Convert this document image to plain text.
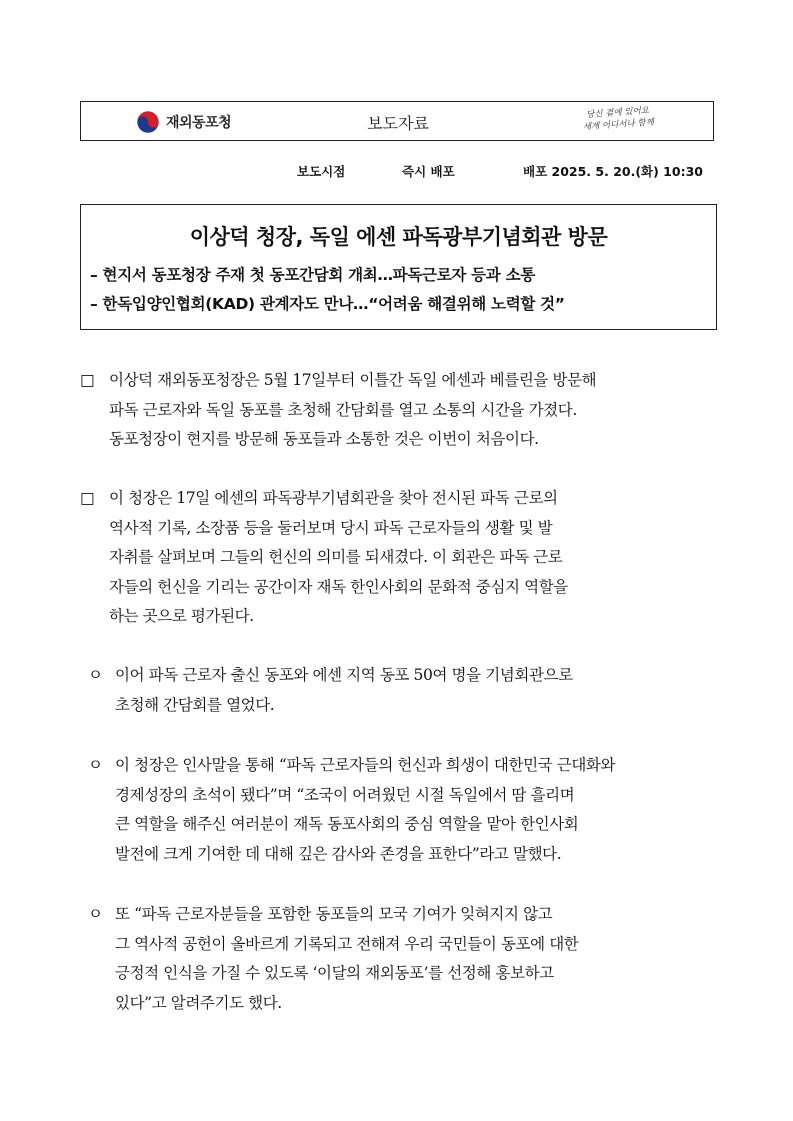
재외동포청	보도자료
당신 곁에 있어요
세계 어디서나 함께
보도시점	즉시 배포	배포 2025. 5. 20.(화) 10:30
이상덕 청장, 독일 에센 파독광부기념회관 방문
– 현지서 동포청장 주재 첫 동포간담회 개최…파독근로자 등과 소통
– 한독입양인협회(KAD) 관계자도 만나…“어려움 해결위해 노력할 것”
□ 이상덕 재외동포청장은 5월 17일부터 이틀간 독일 에센과 베를린을 방문해
파독 근로자와 독일 동포를 초청해 간담회를 열고 소통의 시간을 가졌다.
동포청장이 현지를 방문해 동포들과 소통한 것은 이번이 처음이다.
□ 이 청장은 17일 에센의 파독광부기념회관을 찾아 전시된 파독 근로의
역사적 기록, 소장품 등을 둘러보며 당시 파독 근로자들의 생활 및 발
자취를 살펴보며 그들의 헌신의 의미를 되새겼다. 이 회관은 파독 근로
자들의 헌신을 기리는 공간이자 재독 한인사회의 문화적 중심지 역할을
하는 곳으로 평가된다.
ㅇ 이어 파독 근로자 출신 동포와 에센 지역 동포 50여 명을 기념회관으로
초청해 간담회를 열었다.
ㅇ 이 청장은 인사말을 통해 “파독 근로자들의 헌신과 희생이 대한민국 근대화와
경제성장의 초석이 됐다”며 “조국이 어려웠던 시절 독일에서 땀 흘리며
큰 역할을 해주신 여러분이 재독 동포사회의 중심 역할을 맡아 한인사회
발전에 크게 기여한 데 대해 깊은 감사와 존경을 표한다”라고 말했다.
ㅇ 또 “파독 근로자분들을 포함한 동포들의 모국 기여가 잊혀지지 않고
그 역사적 공헌이 올바르게 기록되고 전해져 우리 국민들이 동포에 대한
긍정적 인식을 가질 수 있도록 ‘이달의 재외동포’를 선정해 홍보하고
있다”고 알려주기도 했다.
